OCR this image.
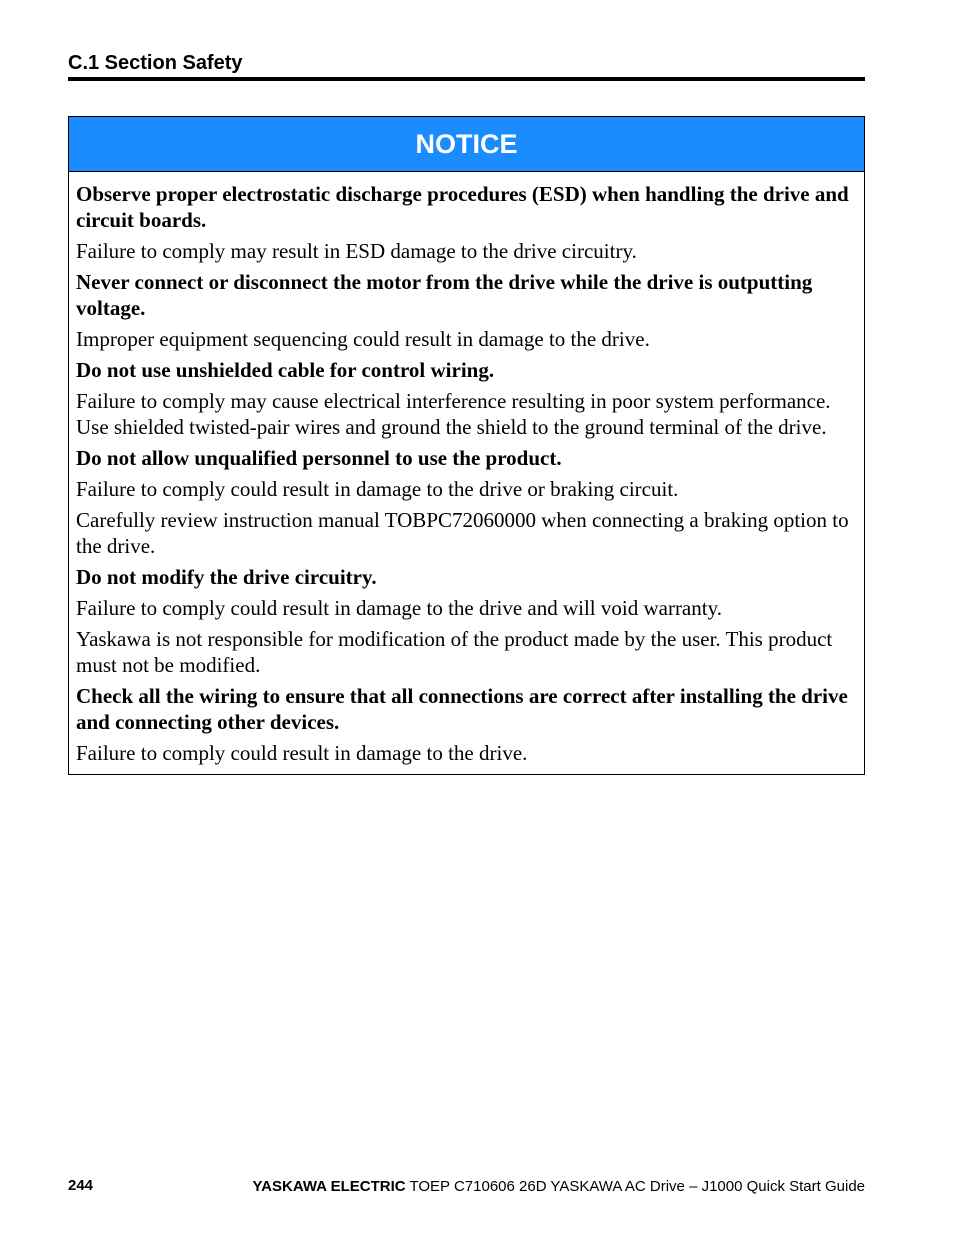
C.1 Section Safety
NOTICE

Observe proper electrostatic discharge procedures (ESD) when handling the drive and circuit boards.

Failure to comply may result in ESD damage to the drive circuitry.

Never connect or disconnect the motor from the drive while the drive is outputting voltage.

Improper equipment sequencing could result in damage to the drive.

Do not use unshielded cable for control wiring.

Failure to comply may cause electrical interference resulting in poor system performance. Use shielded twisted-pair wires and ground the shield to the ground terminal of the drive.

Do not allow unqualified personnel to use the product.

Failure to comply could result in damage to the drive or braking circuit.

Carefully review instruction manual TOBPC72060000 when connecting a braking option to the drive.

Do not modify the drive circuitry.

Failure to comply could result in damage to the drive and will void warranty.

Yaskawa is not responsible for modification of the product made by the user. This product must not be modified.

Check all the wiring to ensure that all connections are correct after installing the drive and connecting other devices.

Failure to comply could result in damage to the drive.

244	YASKAWA ELECTRIC TOEP C710606 26D YASKAWA AC Drive – J1000 Quick Start Guide
